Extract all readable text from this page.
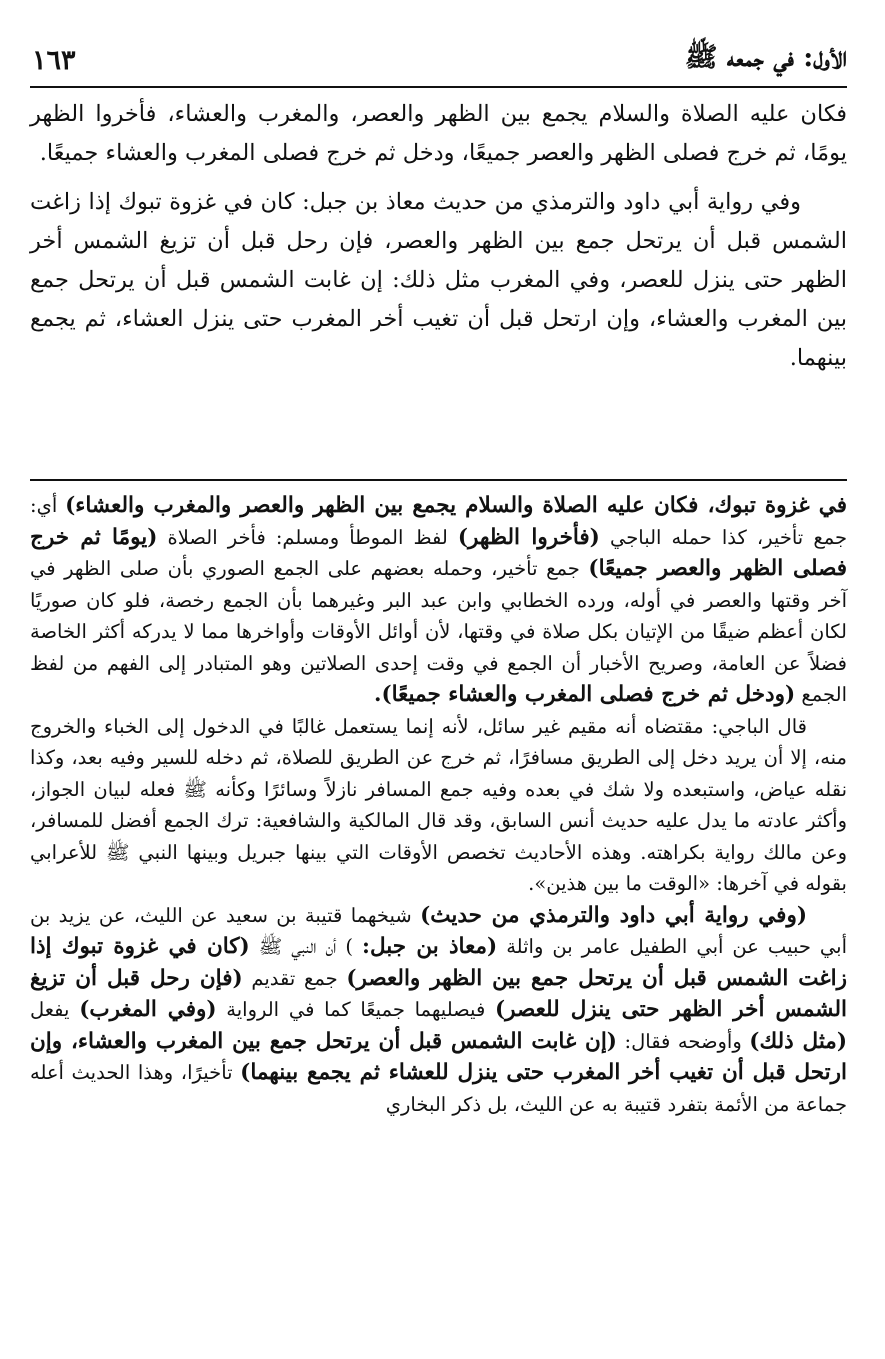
الأول: في جمعه ﷺ
١٦٣

فكان عليه الصلاة والسلام يجمع بين الظهر والعصر، والمغرب والعشاء، فأخروا الظهر يومًا، ثم خرج فصلى الظهر والعصر جميعًا، ودخل ثم خرج فصلى المغرب والعشاء جميعًا.

وفي رواية أبي داود والترمذي من حديث معاذ بن جبل: كان في غزوة تبوك إذا زاغت الشمس قبل أن يرتحل جمع بين الظهر والعصر، فإن رحل قبل أن تزيغ الشمس أخر الظهر حتى ينزل للعصر، وفي المغرب مثل ذلك: إن غابت الشمس قبل أن يرتحل جمع بين المغرب والعشاء، وإن ارتحل قبل أن تغيب أخر المغرب حتى ينزل العشاء، ثم يجمع بينهما.

في غزوة تبوك، فكان عليه الصلاة والسلام يجمع بين الظهر والعصر والمغرب والعشاء) أي: جمع تأخير، كذا حمله الباجي (فأخروا الظهر) لفظ الموطأ ومسلم: فأخر الصلاة (يومًا ثم خرج فصلى الظهر والعصر جميعًا) جمع تأخير، وحمله بعضهم على الجمع الصوري بأن صلى الظهر في آخر وقتها والعصر في أوله، ورده الخطابي وابن عبد البر وغيرهما بأن الجمع رخصة، فلو كان صوريًا لكان أعظم ضيقًا من الإتيان بكل صلاة في وقتها، لأن أوائل الأوقات وأواخرها مما لا يدركه أكثر الخاصة فضلاً عن العامة، وصريح الأخبار أن الجمع في وقت إحدى الصلاتين وهو المتبادر إلى الفهم من لفظ الجمع (ودخل ثم خرج فصلى المغرب والعشاء جميعًا).

قال الباجي: مقتضاه أنه مقيم غير سائل، لأنه إنما يستعمل غالبًا في الدخول إلى الخباء والخروج منه، إلا أن يريد دخل إلى الطريق مسافرًا، ثم خرج عن الطريق للصلاة، ثم دخله للسير وفيه بعد، وكذا نقله عياض، واستبعده ولا شك في بعده وفيه جمع المسافر نازلاً وسائرًا وكأنه ﷺ فعله لبيان الجواز، وأكثر عادته ما يدل عليه حديث أنس السابق، وقد قال المالكية والشافعية: ترك الجمع أفضل للمسافر، وعن مالك رواية بكراهته. وهذه الأحاديث تخصص الأوقات التي بينها جبريل وبينها النبي ﷺ للأعرابي بقوله في آخرها: «الوقت ما بين هذين».

(وفي رواية أبي داود والترمذي من حديث) شيخهما قتيبة بن سعيد عن الليث، عن يزيد بن أبي حبيب عن أبي الطفيل عامر بن واثلة (معاذ بن جبل: ) أن النبي ﷺ (كان في غزوة تبوك إذا زاغت الشمس قبل أن يرتحل جمع بين الظهر والعصر) جمع تقديم (فإن رحل قبل أن تزيغ الشمس أخر الظهر حتى ينزل للعصر) فيصليهما جميعًا كما في الرواية (وفي المغرب) يفعل (مثل ذلك) وأوضحه فقال: (إن غابت الشمس قبل أن يرتحل جمع بين المغرب والعشاء، وإن ارتحل قبل أن تغيب أخر المغرب حتى ينزل للعشاء ثم يجمع بينهما) تأخيرًا، وهذا الحديث أعله جماعة من الأئمة بتفرد قتيبة به عن الليث، بل ذكر البخاري
